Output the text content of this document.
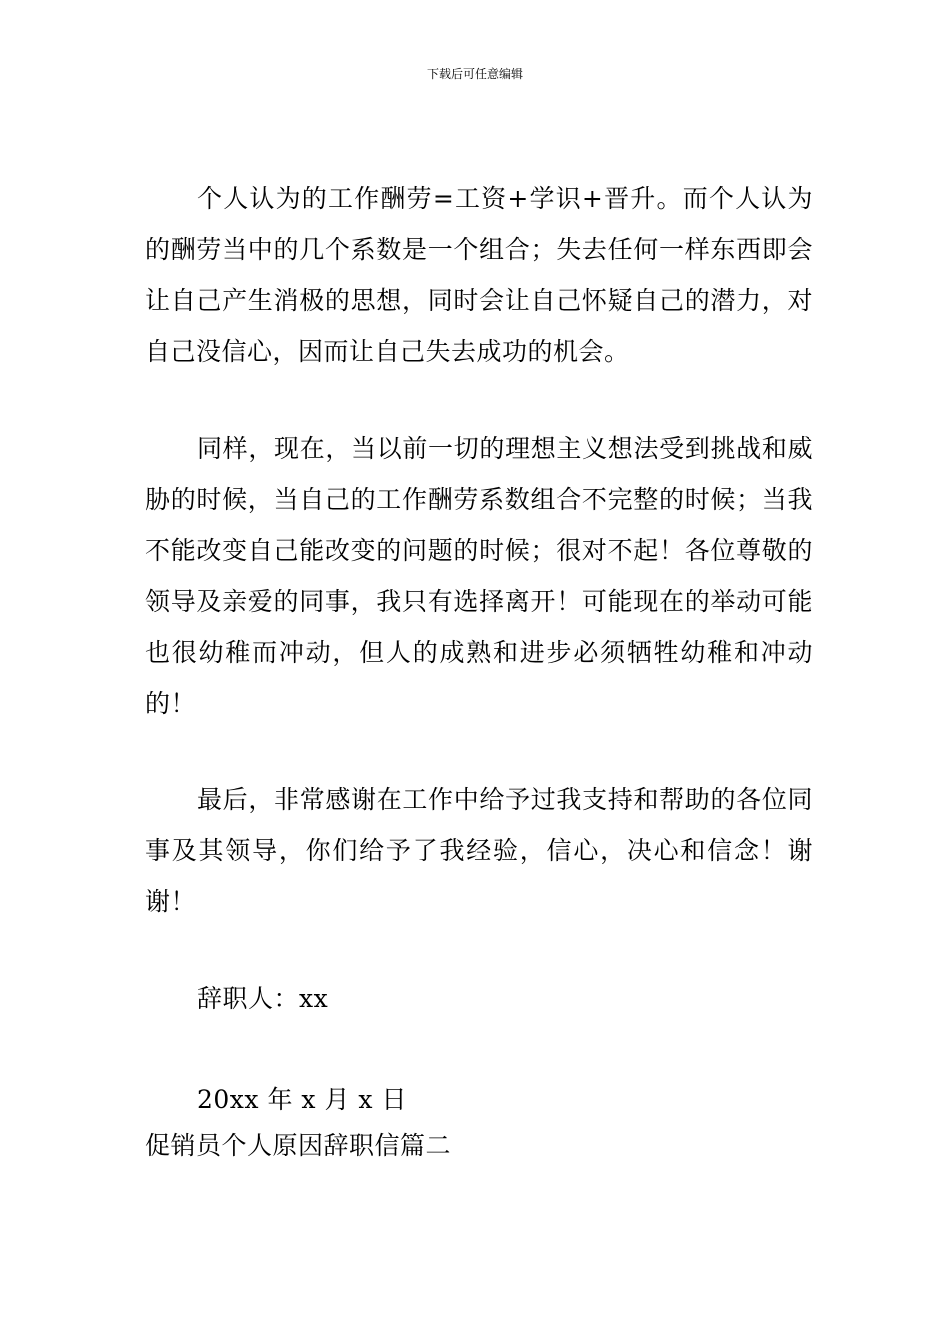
下载后可任意编辑

个人认为的工作酬劳=工资+学识+晋升。而个人认为的酬劳当中的几个系数是一个组合；失去任何一样东西即会让自己产生消极的思想，同时会让自己怀疑自己的潜力，对自己没信心，因而让自己失去成功的机会。

同样，现在，当以前一切的理想主义想法受到挑战和威胁的时候，当自己的工作酬劳系数组合不完整的时候；当我不能改变自己能改变的问题的时候；很对不起！各位尊敬的领导及亲爱的同事，我只有选择离开！可能现在的举动可能也很幼稚而冲动，但人的成熟和进步必须牺牲幼稚和冲动的！

最后，非常感谢在工作中给予过我支持和帮助的各位同事及其领导，你们给予了我经验，信心，决心和信念！谢谢！

辞职人：xx

20xx 年 x 月 x 日

促销员个人原因辞职信篇二
